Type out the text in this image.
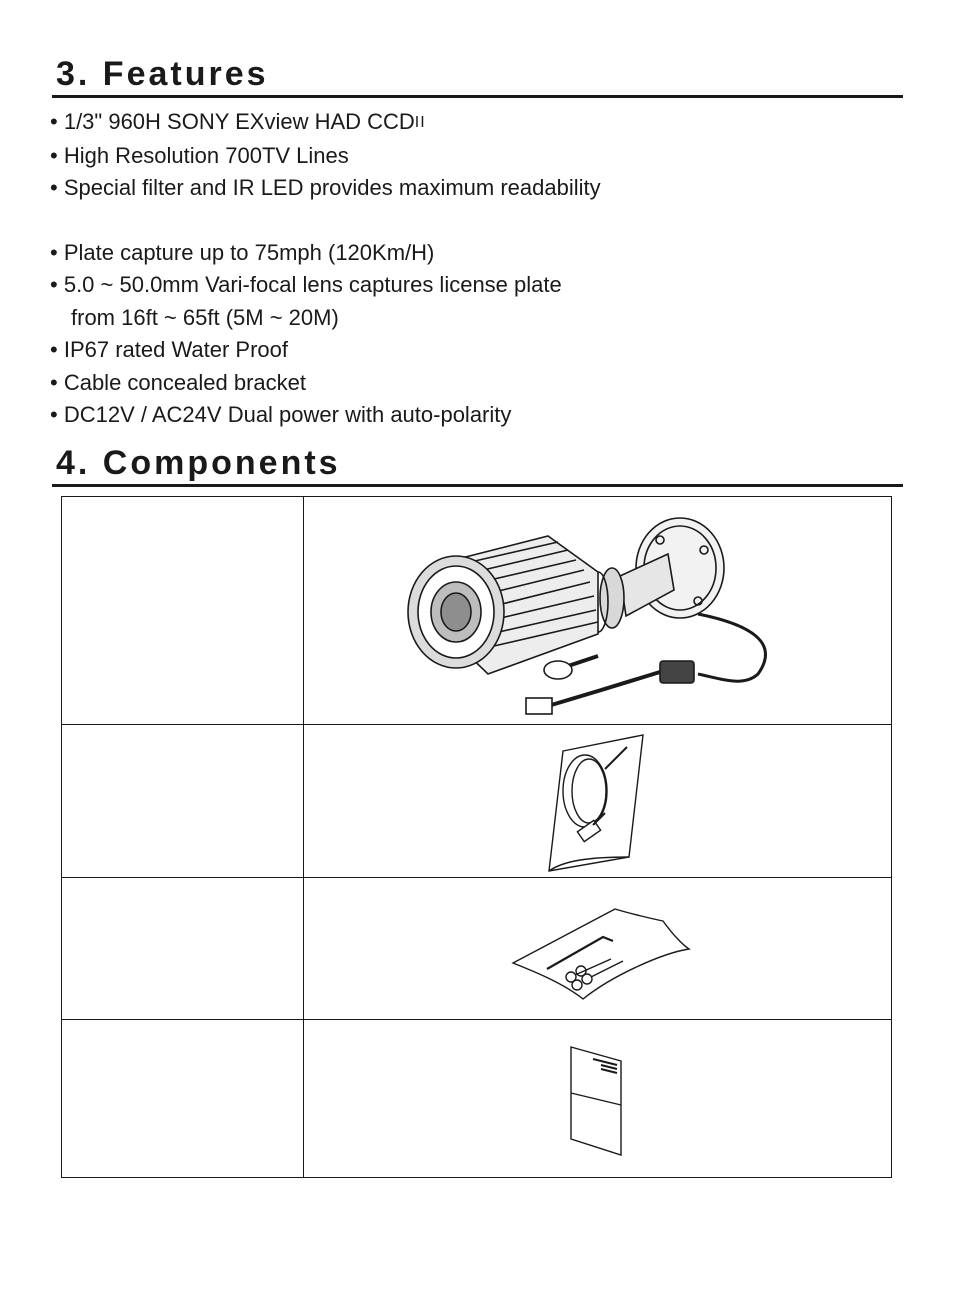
3. Features
• 1/3" 960H SONY EXview HAD CCDII
• High Resolution 700TV Lines
• Special filter and IR LED provides maximum readability
• Plate capture up to 75mph (120Km/H)
• 5.0 ~ 50.0mm Vari-focal lens captures license plate
from 16ft ~ 65ft (5M ~ 20M)
• IP67 rated Water Proof
• Cable concealed bracket
• DC12V / AC24V Dual power with auto-polarity
4. Components
